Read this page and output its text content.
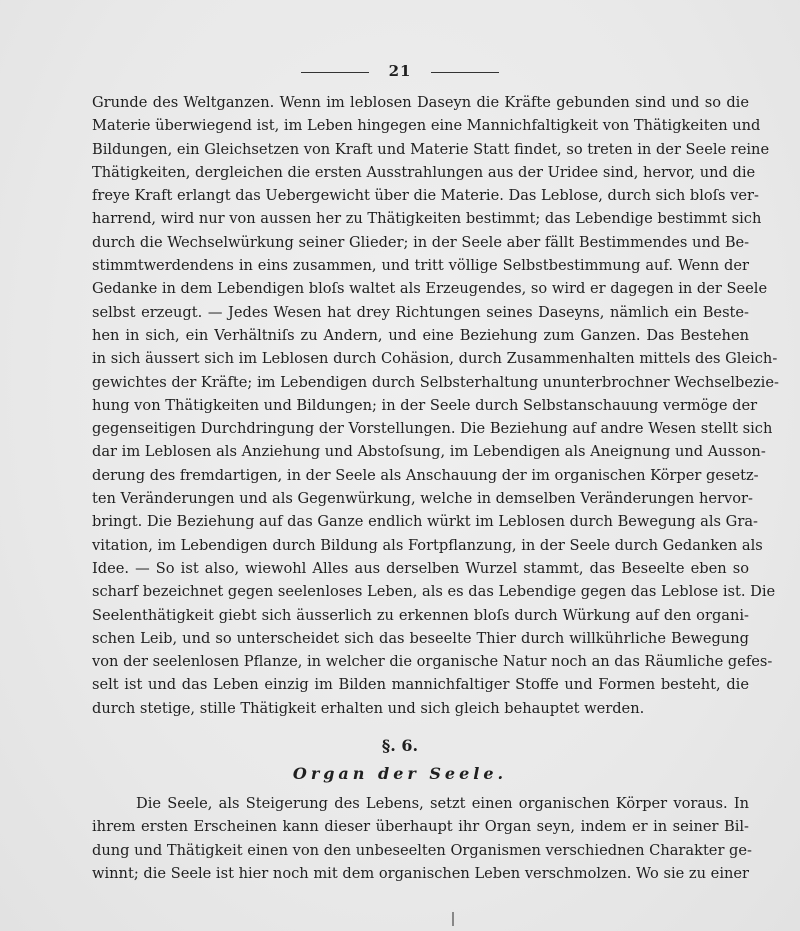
21
Grunde des Weltganzen. Wenn im leblosen Daseyn die Kräfte gebunden sind und so die
Materie überwiegend ist, im Leben hingegen eine Mannichfaltigkeit von Thätigkeiten und
Bildungen, ein Gleichsetzen von Kraft und Materie Statt findet, so treten in der Seele reine
Thätigkeiten, dergleichen die ersten Ausstrahlungen aus der Uridee sind, hervor, und die
freye Kraft erlangt das Uebergewicht über die Materie. Das Leblose, durch sich bloſs ver-
harrend, wird nur von aussen her zu Thätigkeiten bestimmt; das Lebendige bestimmt sich
durch die Wechselwürkung seiner Glieder; in der Seele aber fällt Bestimmendes und Be-
stimmtwerdendens in eins zusammen, und tritt völlige Selbstbestimmung auf. Wenn der
Gedanke in dem Lebendigen bloſs waltet als Erzeugendes, so wird er dagegen in der Seele
selbst erzeugt. — Jedes Wesen hat drey Richtungen seines Daseyns, nämlich ein Beste-
hen in sich, ein Verhältniſs zu Andern, und eine Beziehung zum Ganzen. Das Bestehen
in sich äussert sich im Leblosen durch Cohäsion, durch Zusammenhalten mittels des Gleich-
gewichtes der Kräfte; im Lebendigen durch Selbsterhaltung ununterbrochner Wechselbezie-
hung von Thätigkeiten und Bildungen; in der Seele durch Selbstanschauung vermöge der
gegenseitigen Durchdringung der Vorstellungen. Die Beziehung auf andre Wesen stellt sich
dar im Leblosen als Anziehung und Abstoſsung, im Lebendigen als Aneignung und Ausson-
derung des fremdartigen, in der Seele als Anschauung der im organischen Körper gesetz-
ten Veränderungen und als Gegenwürkung, welche in demselben Veränderungen hervor-
bringt. Die Beziehung auf das Ganze endlich würkt im Leblosen durch Bewegung als Gra-
vitation, im Lebendigen durch Bildung als Fortpflanzung, in der Seele durch Gedanken als
Idee. — So ist also, wiewohl Alles aus derselben Wurzel stammt, das Beseelte eben so
scharf bezeichnet gegen seelenloses Leben, als es das Lebendige gegen das Leblose ist. Die
Seelenthätigkeit giebt sich äusserlich zu erkennen bloſs durch Würkung auf den organi-
schen Leib, und so unterscheidet sich das beseelte Thier durch willkührliche Bewegung
von der seelenlosen Pflanze, in welcher die organische Natur noch an das Räumliche gefes-
selt ist und das Leben einzig im Bilden mannichfaltiger Stoffe und Formen besteht, die
durch stetige, stille Thätigkeit erhalten und sich gleich behauptet werden.
§. 6.
Organ der Seele.
Die Seele, als Steigerung des Lebens, setzt einen organischen Körper voraus. In
ihrem ersten Erscheinen kann dieser überhaupt ihr Organ seyn, indem er in seiner Bil-
dung und Thätigkeit einen von den unbeseelten Organismen verschiednen Charakter ge-
winnt; die Seele ist hier noch mit dem organischen Leben verschmolzen. Wo sie zu einer
